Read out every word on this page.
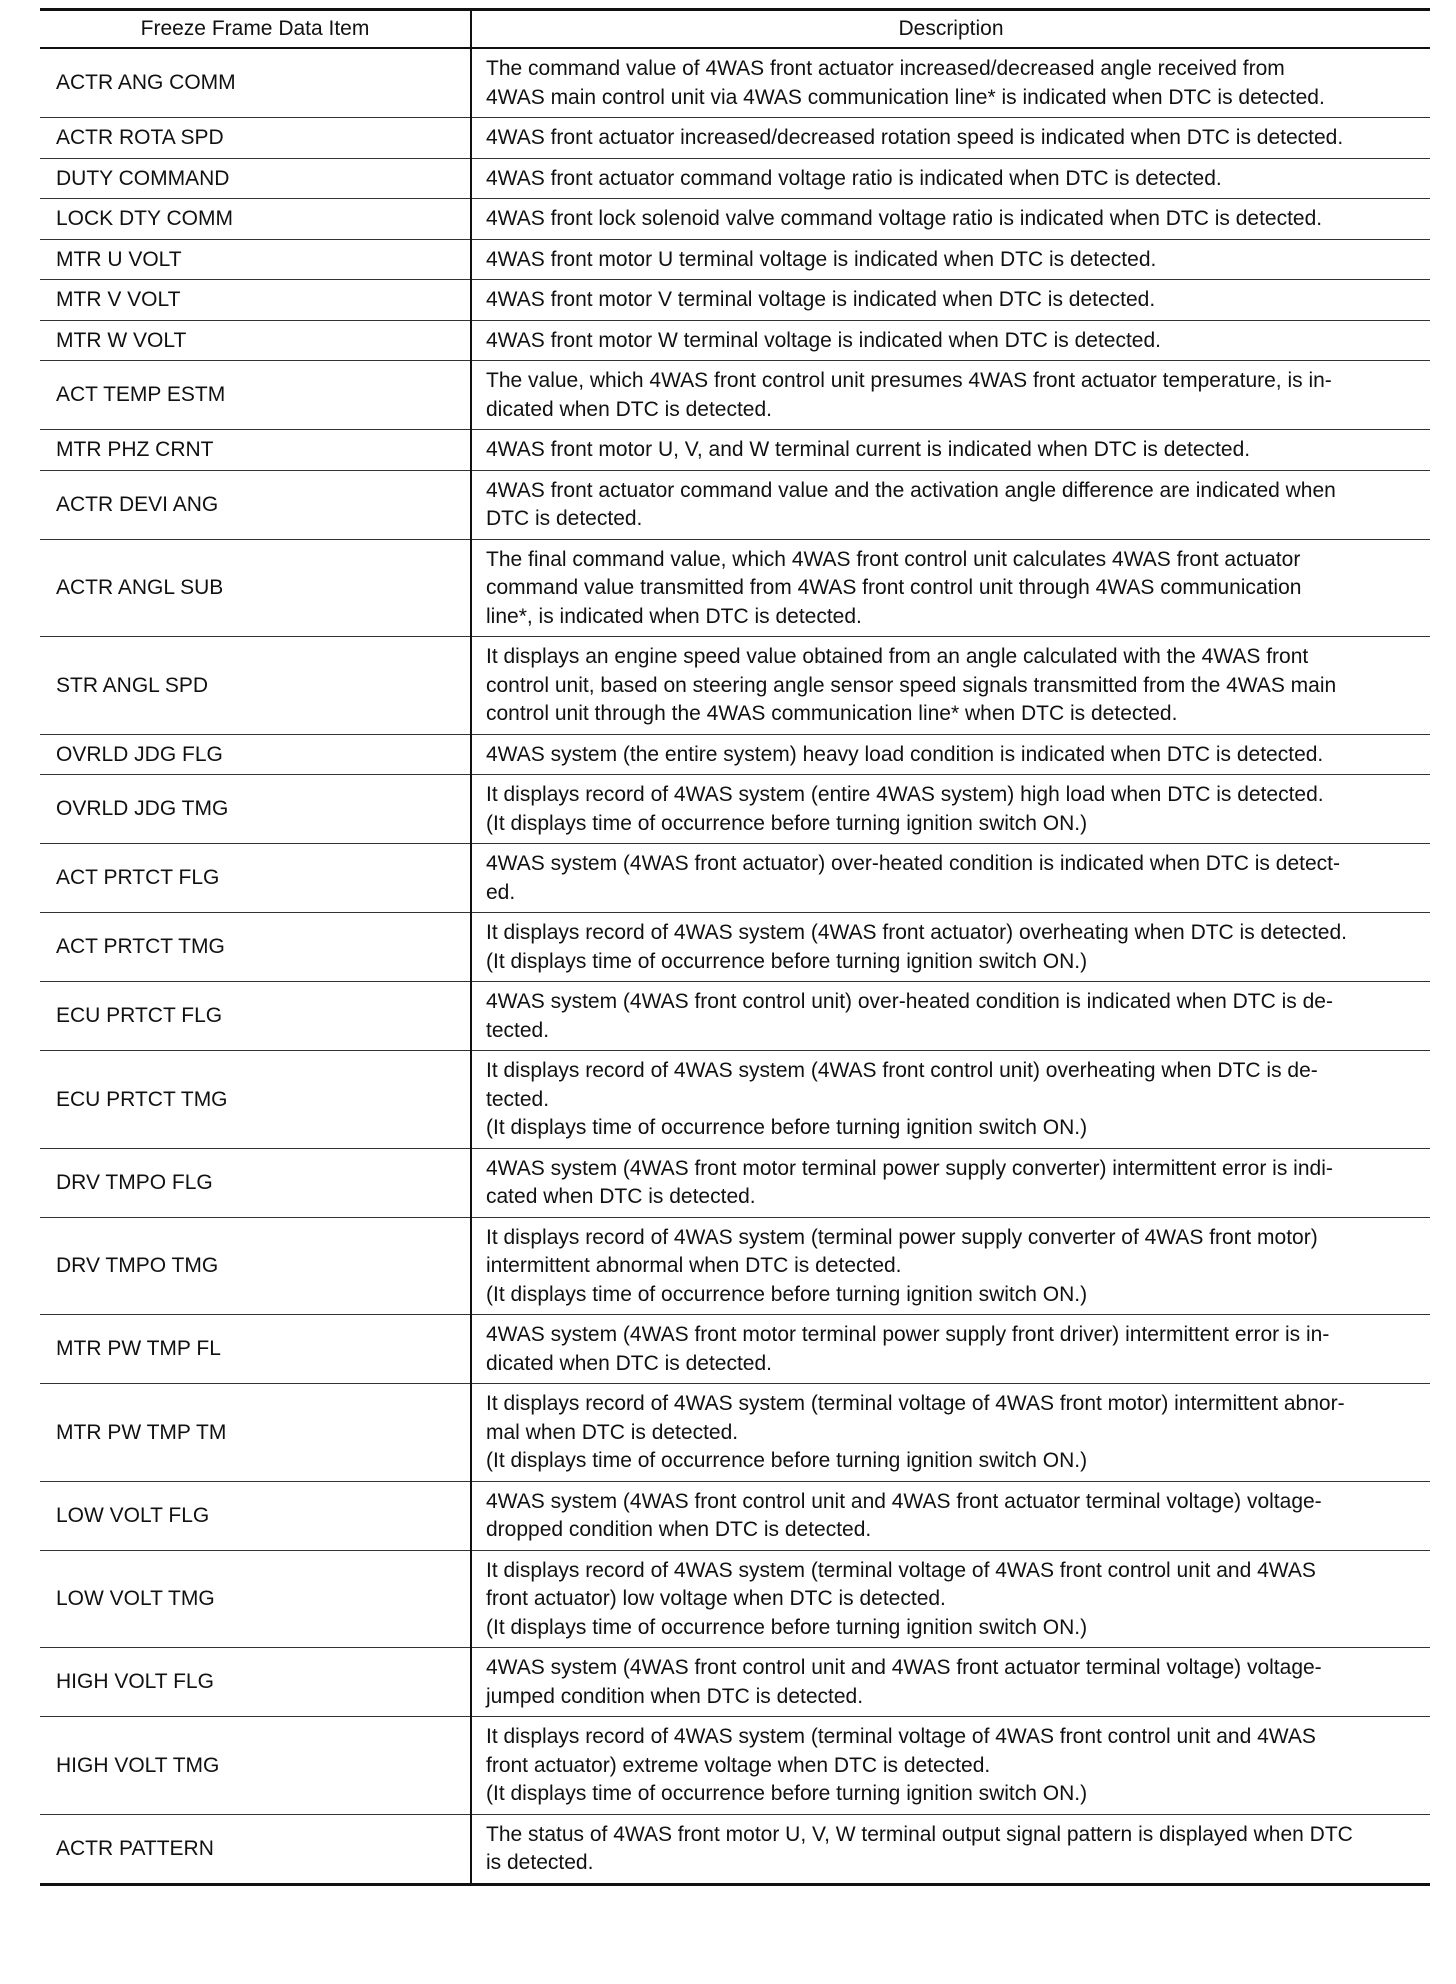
Freeze Frame Data Item	Description
ACTR ANG COMM	The command value of 4WAS front actuator increased/decreased angle received from
4WAS main control unit via 4WAS communication line* is indicated when DTC is detected.
ACTR ROTA SPD	4WAS front actuator increased/decreased rotation speed is indicated when DTC is detected.
DUTY COMMAND	4WAS front actuator command voltage ratio is indicated when DTC is detected.
LOCK DTY COMM	4WAS front lock solenoid valve command voltage ratio is indicated when DTC is detected.
MTR U VOLT	4WAS front motor U terminal voltage is indicated when DTC is detected.
MTR V VOLT	4WAS front motor V terminal voltage is indicated when DTC is detected.
MTR W VOLT	4WAS front motor W terminal voltage is indicated when DTC is detected.
ACT TEMP ESTM	The value, which 4WAS front control unit presumes 4WAS front actuator temperature, is in-
dicated when DTC is detected.
MTR PHZ CRNT	4WAS front motor U, V, and W terminal current is indicated when DTC is detected.
ACTR DEVI ANG	4WAS front actuator command value and the activation angle difference are indicated when
DTC is detected.
ACTR ANGL SUB	The final command value, which 4WAS front control unit calculates 4WAS front actuator
command value transmitted from 4WAS front control unit through 4WAS communication
line*, is indicated when DTC is detected.
STR ANGL SPD	It displays an engine speed value obtained from an angle calculated with the 4WAS front
control unit, based on steering angle sensor speed signals transmitted from the 4WAS main
control unit through the 4WAS communication line* when DTC is detected.
OVRLD JDG FLG	4WAS system (the entire system) heavy load condition is indicated when DTC is detected.
OVRLD JDG TMG	It displays record of 4WAS system (entire 4WAS system) high load when DTC is detected.
(It displays time of occurrence before turning ignition switch ON.)
ACT PRTCT FLG	4WAS system (4WAS front actuator) over-heated condition is indicated when DTC is detect-
ed.
ACT PRTCT TMG	It displays record of 4WAS system (4WAS front actuator) overheating when DTC is detected.
(It displays time of occurrence before turning ignition switch ON.)
ECU PRTCT FLG	4WAS system (4WAS front control unit) over-heated condition is indicated when DTC is de-
tected.
ECU PRTCT TMG	It displays record of 4WAS system (4WAS front control unit) overheating when DTC is de-
tected.
(It displays time of occurrence before turning ignition switch ON.)
DRV TMPO FLG	4WAS system (4WAS front motor terminal power supply converter) intermittent error is indi-
cated when DTC is detected.
DRV TMPO TMG	It displays record of 4WAS system (terminal power supply converter of 4WAS front motor)
intermittent abnormal when DTC is detected.
(It displays time of occurrence before turning ignition switch ON.)
MTR PW TMP FL	4WAS system (4WAS front motor terminal power supply front driver) intermittent error is in-
dicated when DTC is detected.
MTR PW TMP TM	It displays record of 4WAS system (terminal voltage of 4WAS front motor) intermittent abnor-
mal when DTC is detected.
(It displays time of occurrence before turning ignition switch ON.)
LOW VOLT FLG	4WAS system (4WAS front control unit and 4WAS front actuator terminal voltage) voltage-
dropped condition when DTC is detected.
LOW VOLT TMG	It displays record of 4WAS system (terminal voltage of 4WAS front control unit and 4WAS
front actuator) low voltage when DTC is detected.
(It displays time of occurrence before turning ignition switch ON.)
HIGH VOLT FLG	4WAS system (4WAS front control unit and 4WAS front actuator terminal voltage) voltage-
jumped condition when DTC is detected.
HIGH VOLT TMG	It displays record of 4WAS system (terminal voltage of 4WAS front control unit and 4WAS
front actuator) extreme voltage when DTC is detected.
(It displays time of occurrence before turning ignition switch ON.)
ACTR PATTERN	The status of 4WAS front motor U, V, W terminal output signal pattern is displayed when DTC
is detected.
